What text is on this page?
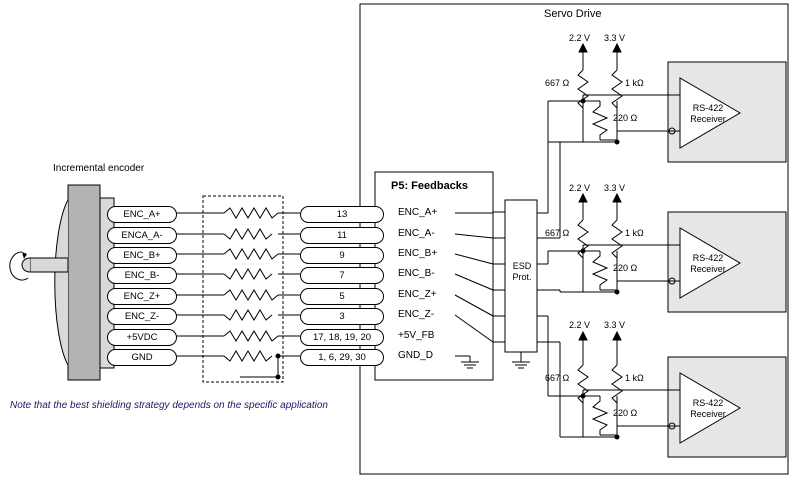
Servo Drive
Incremental encoder
P5: Feedbacks
ESD
Prot.
Note that the best shielding strategy depends on the specific application
ENC_A+
ENCA_A-
ENC_B+
ENC_B-
ENC_Z+
ENC_Z-
+5VDC
GND
13
11
9
7
5
3
17, 18, 19, 20
1, 6, 29, 30
ENC_A+
ENC_A-
ENC_B+
ENC_B-
ENC_Z+
ENC_Z-
+5V_FB
GND_D
2.2 V 3.3 V
667 Ω	1 kΩ
220 Ω
RS-422
Receiver
2.2 V 3.3 V
667 Ω	1 kΩ
220 Ω
RS-422
Receiver
2.2 V 3.3 V
667 Ω	1 kΩ
220 Ω
RS-422
Receiver
